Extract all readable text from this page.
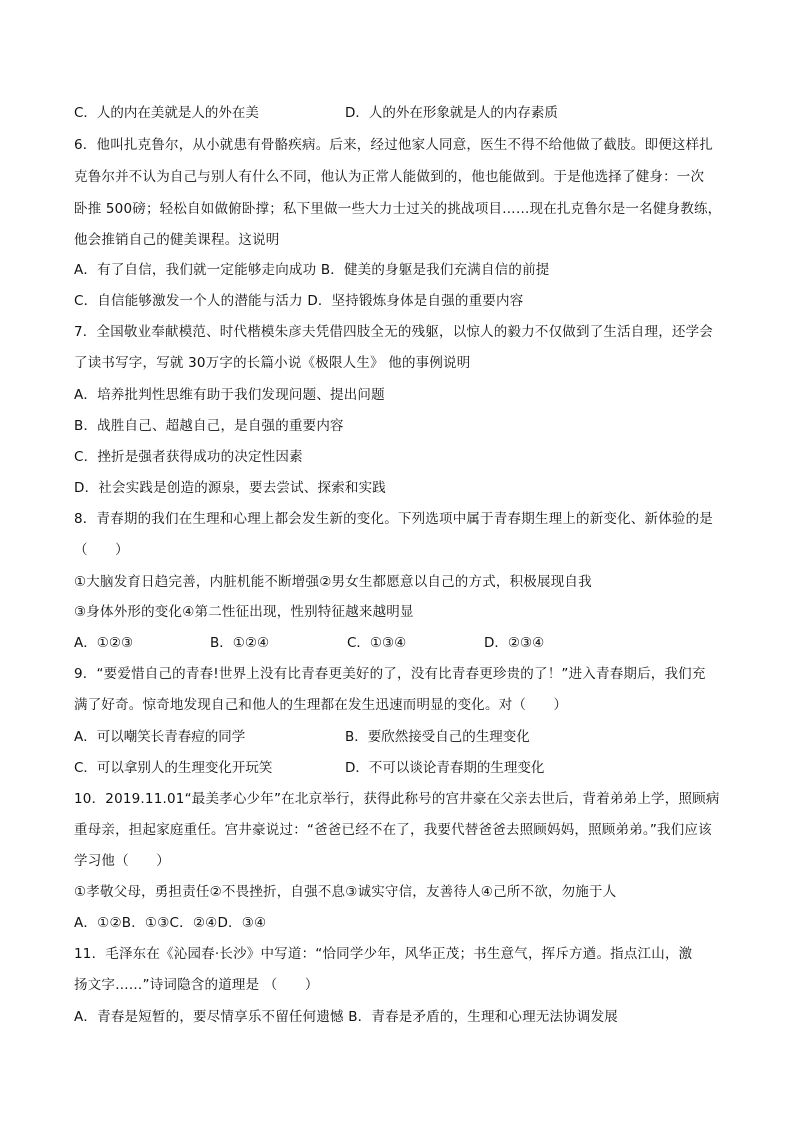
C．人的内在美就是人的外在美	D．人的外在形象就是人的内存素质
6．他叫扎克鲁尔，从小就患有骨骼疾病。后来，经过他家人同意，医生不得不给他做了截肢。即便这样扎
克鲁尔并不认为自己与别人有什么不同，他认为正常人能做到的，他也能做到。于是他选择了健身：一次
卧推 500磅；轻松自如做俯卧撑；私下里做一些大力士过关的挑战项目……现在扎克鲁尔是一名健身教练，
他会推销自己的健美课程。这说明
A．有了自信，我们就一定能够走向成功 B．健美的身躯是我们充满自信的前提
C．自信能够激发一个人的潜能与活力 D．坚持锻炼身体是自强的重要内容
7．全国敬业奉献模范、时代楷模朱彦夫凭借四肢全无的残躯，以惊人的毅力不仅做到了生活自理，还学会
了读书写字，写就 30万字的长篇小说《极限人生》 他的事例说明
A．培养批判性思维有助于我们发现问题、提出问题
B．战胜自己、超越自己，是自强的重要内容
C．挫折是强者获得成功的决定性因素
D．社会实践是创造的源泉，要去尝试、探索和实践
8．青春期的我们在生理和心理上都会发生新的变化。下列选项中属于青春期生理上的新变化、新体验的是
（　　）
①大脑发育日趋完善，内脏机能不断增强②男女生都愿意以自己的方式，积极展现自我
③身体外形的变化④第二性征出现，性别特征越来越明显
A．①②③	B．①②④	C．①③④	D．②③④
9．“要爱惜自己的青春!世界上没有比青春更美好的了，没有比青春更珍贵的了！”进入青春期后，我们充
满了好奇。惊奇地发现自己和他人的生理都在发生迅速而明显的变化。对（　　）
A．可以嘲笑长青春痘的同学	B．要欣然接受自己的生理变化
C．可以拿别人的生理变化开玩笑	D．不可以谈论青春期的生理变化
10．2019.11.01“最美孝心少年”在北京举行，获得此称号的宫井豪在父亲去世后，背着弟弟上学，照顾病
重母亲，担起家庭重任。宫井豪说过：“爸爸已经不在了，我要代替爸爸去照顾妈妈，照顾弟弟。”我们应该
学习他（　　）
①孝敬父母，勇担责任②不畏挫折，自强不息③诚实守信，友善待人④己所不欲，勿施于人
A．①②B．①③C．②④D．③④
11．毛泽东在《沁园春·长沙》中写道：“恰同学少年，风华正茂；书生意气，挥斥方遒。指点江山，激
扬文字……”诗词隐含的道理是 （　　）
A．青春是短暂的，要尽情享乐不留任何遗憾 B．青春是矛盾的，生理和心理无法协调发展
